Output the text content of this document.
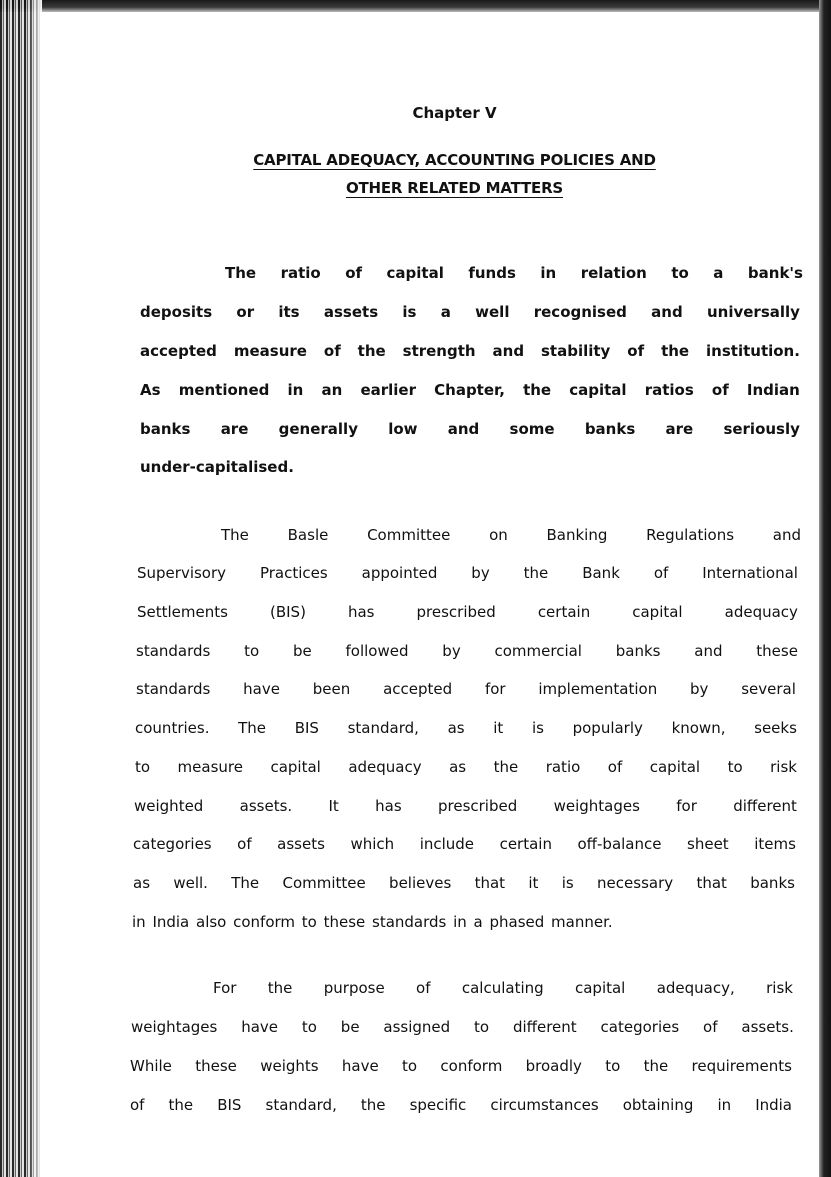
Chapter V
CAPITAL ADEQUACY, ACCOUNTING POLICIES AND
OTHER RELATED MATTERS
The ratio of capital funds in relation to a bank's
deposits or its assets is a well recognised and universally
accepted measure of the strength and stability of the institution.
As mentioned in an earlier Chapter, the capital ratios of Indian
banks are generally low and some banks are seriously
under-capitalised.
The	Basle	Committee	on	Banking	Regulations	and
Supervisory Practices appointed by the Bank of International
Settlements	(BIS)	has	prescribed	certain	capital	adequacy
standards to be followed by commercial banks and these
standards have been accepted for implementation by several
countries. The BIS standard, as it is popularly known, seeks
to measure capital adequacy as the ratio of capital to risk
weighted assets. It has prescribed weightages for different
categories of assets which include certain off-balance sheet items
as well. The Committee believes that it is necessary that banks
in India also conform to these standards in a phased manner.
For the purpose of calculating capital adequacy, risk
weightages have to be assigned to different categories of assets.
While these weights have to conform broadly to the requirements
of the BIS standard, the specific circumstances obtaining in India
